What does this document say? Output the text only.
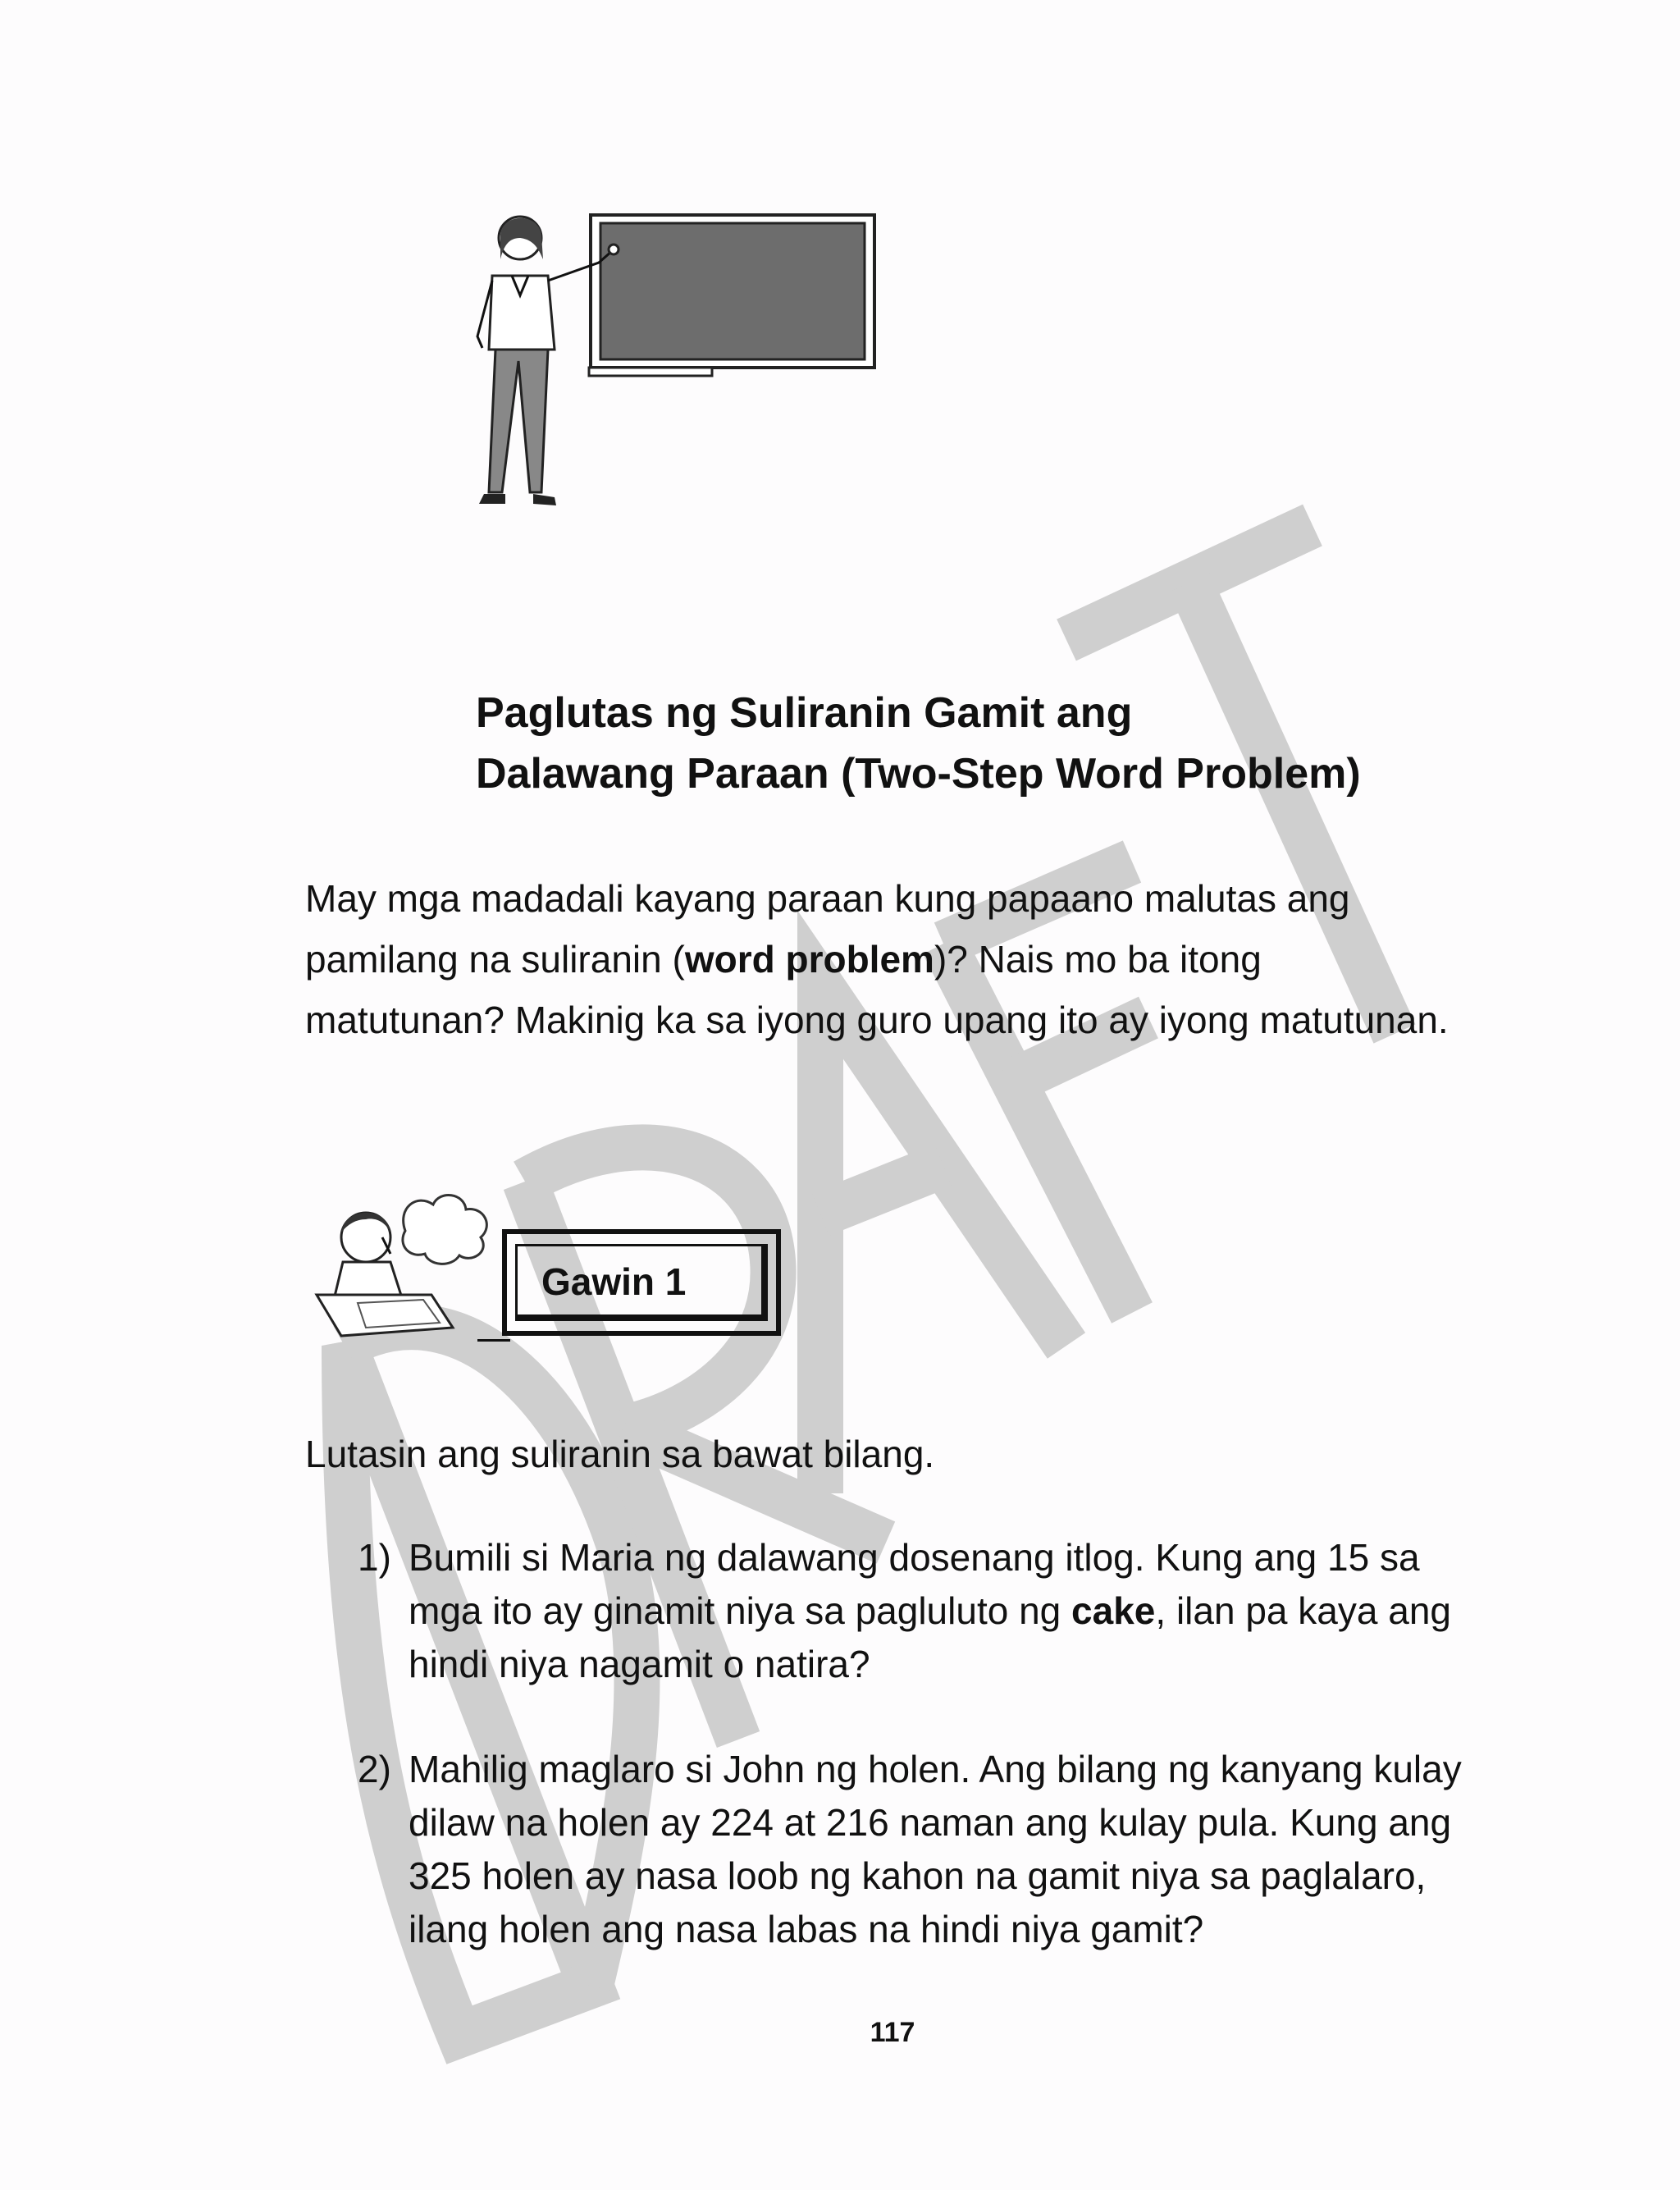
Paglutas ng Suliranin Gamit ang
Dalawang Paraan (Two-Step Word Problem)
May mga madadali kayang paraan kung papaano malutas ang pamilang na suliranin (word problem)? Nais mo ba itong matutunan? Makinig ka sa iyong guro upang ito ay iyong matutunan.
Gawin 1
Lutasin ang suliranin sa bawat bilang.
1) Bumili si Maria ng dalawang dosenang itlog. Kung ang 15 sa mga ito ay ginamit niya sa pagluluto ng cake, ilan pa kaya ang hindi niya nagamit o natira?
2) Mahilig maglaro si John ng holen. Ang bilang ng kanyang kulay dilaw na holen ay 224 at 216 naman ang kulay pula. Kung ang 325 holen ay nasa loob ng kahon na gamit niya sa paglalaro, ilang holen ang nasa labas na hindi niya gamit?
117
